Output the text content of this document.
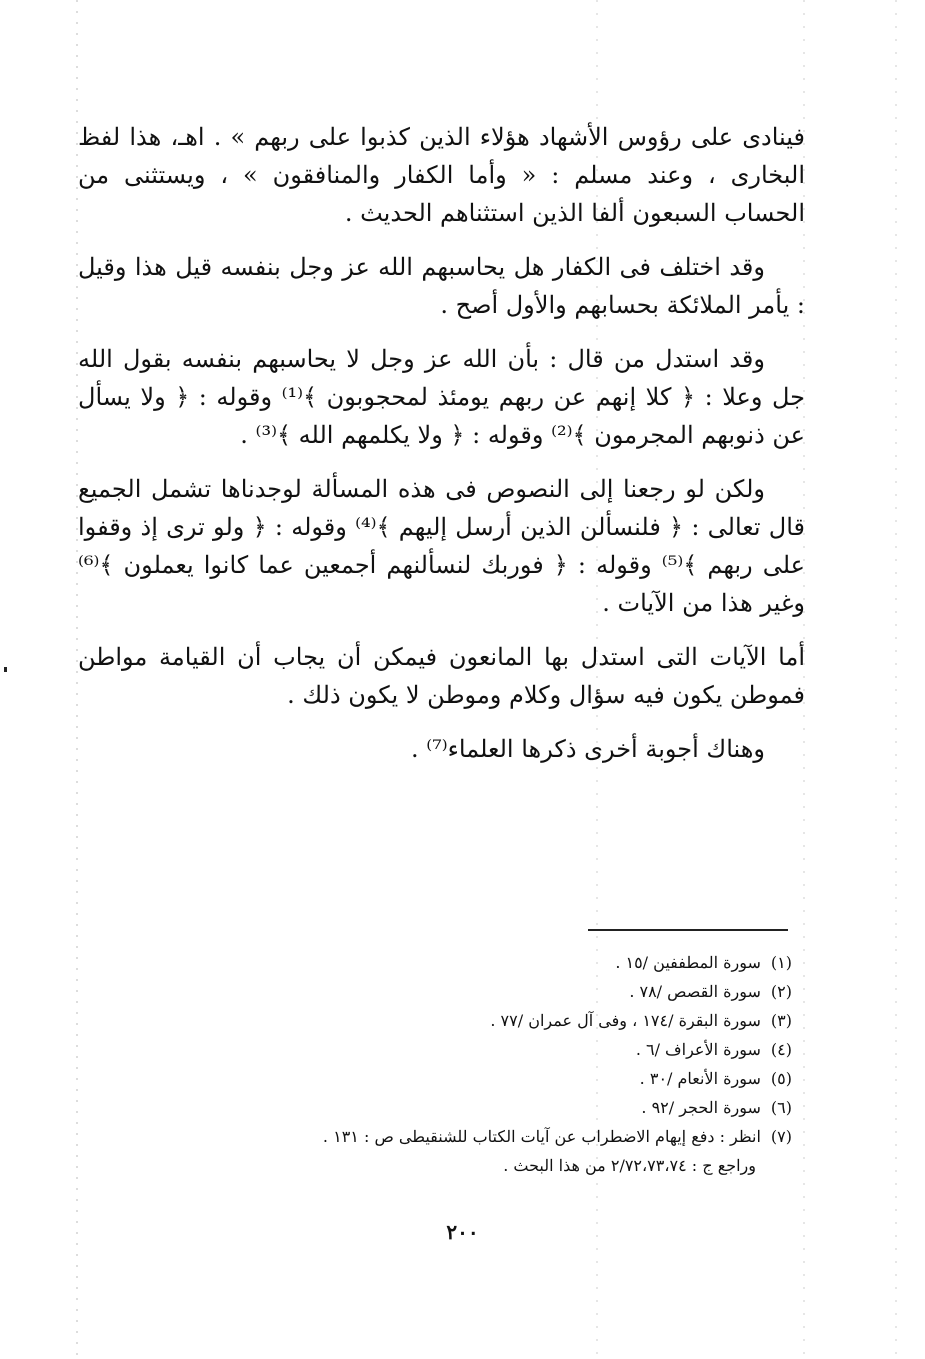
فينادى على رؤوس الأشهاد هؤلاء الذين كذبوا على ربهم » . اهـ، هذا لفظ البخارى ، وعند مسلم : « وأما الكفار والمنافقون » ، ويستثنى من الحساب السبعون ألفا الذين استثناهم الحديث .

وقد اختلف فى الكفار هل يحاسبهم الله عز وجل بنفسه قيل هذا وقيل : يأمر الملائكة بحسابهم والأول أصح .

وقد استدل من قال : بأن الله عز وجل لا يحاسبهم بنفسه بقول الله جل وعلا : ﴿ كلا إنهم عن ربهم يومئذ لمحجوبون ﴾⁽¹⁾ وقوله : ﴿ ولا يسأل عن ذنوبهم المجرمون ﴾⁽²⁾ وقوله : ﴿ ولا يكلمهم الله ﴾⁽³⁾ .

ولكن لو رجعنا إلى النصوص فى هذه المسألة لوجدناها تشمل الجميع قال تعالى : ﴿ فلنسألن الذين أرسل إليهم ﴾⁽⁴⁾ وقوله : ﴿ ولو ترى إذ وقفوا على ربهم ﴾⁽⁵⁾ وقوله : ﴿ فوربك لنسألنهم أجمعين عما كانوا يعملون ﴾⁽⁶⁾ وغير هذا من الآيات .

أما الآيات التى استدل بها المانعون فيمكن أن يجاب أن القيامة مواطن فموطن يكون فيه سؤال وكلام وموطن لا يكون ذلك .

وهناك أجوبة أخرى ذكرها العلماء⁽⁷⁾ .

(١)سورة المطففين /١٥ .
(٢)سورة القصص /٧٨ .
(٣)سورة البقرة /١٧٤ ، وفى آل عمران /٧٧ .
(٤)سورة الأعراف /٦ .
(٥)سورة الأنعام /٣٠ .
(٦)سورة الحجر /٩٢ .
(٧)انظر : دفع إيهام الاضطراب عن آيات الكتاب للشنقيطى ص : ١٣١ .
وراجع ج : ٢/٧٢،٧٣،٧٤ من هذا البحث .
٢٠٠
